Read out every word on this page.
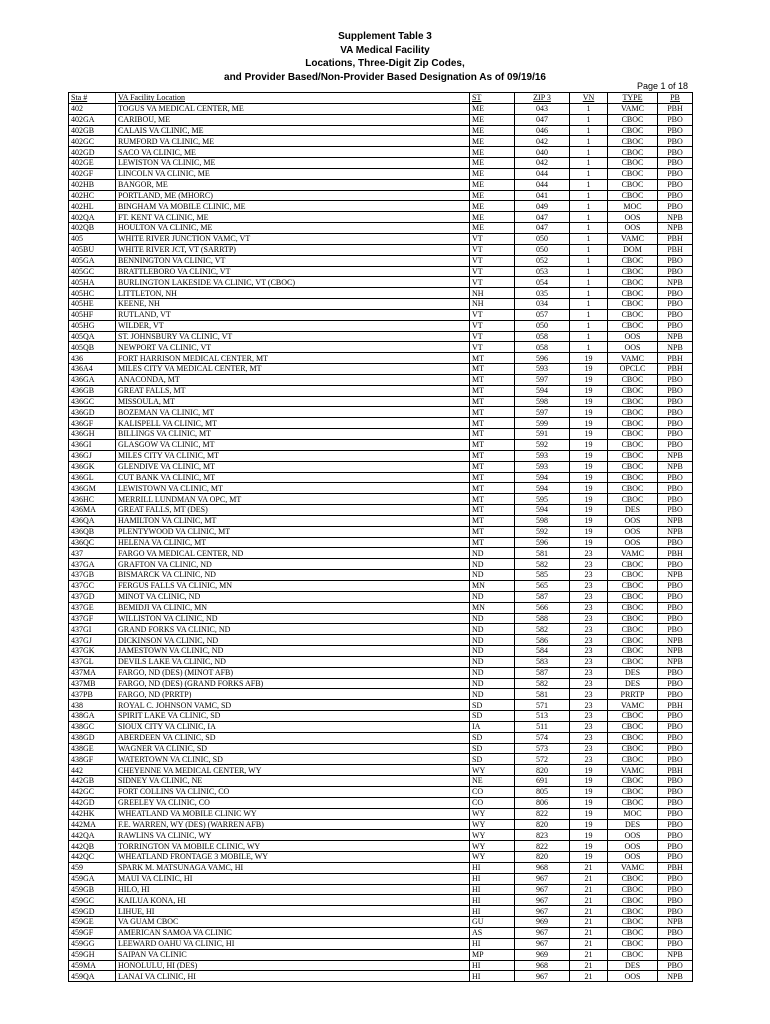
Supplement Table 3
VA Medical Facility
Locations, Three-Digit Zip Codes,
and Provider Based/Non-Provider Based Designation As of 09/19/16
Page 1 of 18
Sta #	VA Facility Location	ST	ZIP 3	VN	TYPE	PB
402	TOGUS VA MEDICAL CENTER, ME	ME	043	1	VAMC	PBH
402GA	CARIBOU, ME	ME	047	1	CBOC	PBO
402GB	CALAIS VA CLINIC, ME	ME	046	1	CBOC	PBO
402GC	RUMFORD VA CLINIC, ME	ME	042	1	CBOC	PBO
402GD	SACO VA CLINIC, ME	ME	040	1	CBOC	PBO
402GE	LEWISTON VA CLINIC, ME	ME	042	1	CBOC	PBO
402GF	LINCOLN VA CLINIC, ME	ME	044	1	CBOC	PBO
402HB	BANGOR, ME	ME	044	1	CBOC	PBO
402HC	PORTLAND, ME (MHORC)	ME	041	1	CBOC	PBO
402HL	BINGHAM VA MOBILE CLINIC, ME	ME	049	1	MOC	PBO
402QA	FT. KENT VA CLINIC, ME	ME	047	1	OOS	NPB
402QB	HOULTON VA CLINIC, ME	ME	047	1	OOS	NPB
405	WHITE RIVER JUNCTION VAMC, VT	VT	050	1	VAMC	PBH
405BU	WHITE RIVER JCT, VT (SARRTP)	VT	050	1	DOM	PBH
405GA	BENNINGTON VA CLINIC, VT	VT	052	1	CBOC	PBO
405GC	BRATTLEBORO VA CLINIC, VT	VT	053	1	CBOC	PBO
405HA	BURLINGTON LAKESIDE VA CLINIC, VT (CBOC)	VT	054	1	CBOC	NPB
405HC	LITTLETON, NH	NH	035	1	CBOC	PBO
405HE	KEENE, NH	NH	034	1	CBOC	PBO
405HF	RUTLAND, VT	VT	057	1	CBOC	PBO
405HG	WILDER, VT	VT	050	1	CBOC	PBO
405QA	ST. JOHNSBURY VA CLINIC, VT	VT	058	1	OOS	NPB
405QB	NEWPORT VA CLINIC, VT	VT	058	1	OOS	NPB
436	FORT HARRISON MEDICAL CENTER, MT	MT	596	19	VAMC	PBH
436A4	MILES CITY VA MEDICAL CENTER, MT	MT	593	19	OPCLC	PBH
436GA	ANACONDA, MT	MT	597	19	CBOC	PBO
436GB	GREAT FALLS, MT	MT	594	19	CBOC	PBO
436GC	MISSOULA, MT	MT	598	19	CBOC	PBO
436GD	BOZEMAN VA CLINIC, MT	MT	597	19	CBOC	PBO
436GF	KALISPELL VA CLINIC, MT	MT	599	19	CBOC	PBO
436GH	BILLINGS VA CLINIC, MT	MT	591	19	CBOC	PBO
436GI	GLASGOW VA CLINIC, MT	MT	592	19	CBOC	PBO
436GJ	MILES CITY VA CLINIC, MT	MT	593	19	CBOC	NPB
436GK	GLENDIVE VA CLINIC, MT	MT	593	19	CBOC	NPB
436GL	CUT BANK VA CLINIC, MT	MT	594	19	CBOC	PBO
436GM	LEWISTOWN VA CLINIC, MT	MT	594	19	CBOC	PBO
436HC	MERRILL LUNDMAN VA OPC, MT	MT	595	19	CBOC	PBO
436MA	GREAT FALLS, MT (DES)	MT	594	19	DES	PBO
436QA	HAMILTON VA CLINIC, MT	MT	598	19	OOS	NPB
436QB	PLENTYWOOD VA CLINIC, MT	MT	592	19	OOS	NPB
436QC	HELENA VA CLINIC, MT	MT	596	19	OOS	PBO
437	FARGO VA MEDICAL CENTER, ND	ND	581	23	VAMC	PBH
437GA	GRAFTON VA CLINIC, ND	ND	582	23	CBOC	PBO
437GB	BISMARCK VA CLINIC, ND	ND	585	23	CBOC	NPB
437GC	FERGUS FALLS VA CLINIC, MN	MN	565	23	CBOC	PBO
437GD	MINOT VA CLINIC, ND	ND	587	23	CBOC	PBO
437GE	BEMIDJI VA CLINIC, MN	MN	566	23	CBOC	PBO
437GF	WILLISTON VA CLINIC, ND	ND	588	23	CBOC	PBO
437GI	GRAND FORKS VA CLINIC, ND	ND	582	23	CBOC	PBO
437GJ	DICKINSON VA CLINIC, ND	ND	586	23	CBOC	NPB
437GK	JAMESTOWN VA CLINIC, ND	ND	584	23	CBOC	NPB
437GL	DEVILS LAKE VA CLINIC, ND	ND	583	23	CBOC	NPB
437MA	FARGO, ND (DES) (MINOT AFB)	ND	587	23	DES	PBO
437MB	FARGO, ND (DES) (GRAND FORKS AFB)	ND	582	23	DES	PBO
437PB	FARGO, ND (PRRTP)	ND	581	23	PRRTP	PBO
438	ROYAL C. JOHNSON VAMC, SD	SD	571	23	VAMC	PBH
438GA	SPIRIT LAKE VA CLINIC, SD	SD	513	23	CBOC	PBO
438GC	SIOUX CITY VA CLINIC, IA	IA	511	23	CBOC	PBO
438GD	ABERDEEN VA CLINIC, SD	SD	574	23	CBOC	PBO
438GE	WAGNER VA CLINIC, SD	SD	573	23	CBOC	PBO
438GF	WATERTOWN VA CLINIC, SD	SD	572	23	CBOC	PBO
442	CHEYENNE VA MEDICAL CENTER, WY	WY	820	19	VAMC	PBH
442GB	SIDNEY VA CLINIC, NE	NE	691	19	CBOC	PBO
442GC	FORT COLLINS VA CLINIC, CO	CO	805	19	CBOC	PBO
442GD	GREELEY VA CLINIC, CO	CO	806	19	CBOC	PBO
442HK	WHEATLAND VA MOBILE CLINIC WY	WY	822	19	MOC	PBO
442MA	F.E. WARREN, WY (DES) (WARREN AFB)	WY	820	19	DES	PBO
442QA	RAWLINS VA CLINIC, WY	WY	823	19	OOS	PBO
442QB	TORRINGTON VA MOBILE CLINIC, WY	WY	822	19	OOS	PBO
442QC	WHEATLAND FRONTAGE 3 MOBILE, WY	WY	820	19	OOS	PBO
459	SPARK M. MATSUNAGA VAMC, HI	HI	968	21	VAMC	PBH
459GA	MAUI VA CLINIC, HI	HI	967	21	CBOC	PBO
459GB	HILO, HI	HI	967	21	CBOC	PBO
459GC	KAILUA KONA, HI	HI	967	21	CBOC	PBO
459GD	LIHUE, HI	HI	967	21	CBOC	PBO
459GE	VA GUAM CBOC	GU	969	21	CBOC	NPB
459GF	AMERICAN SAMOA VA CLINIC	AS	967	21	CBOC	PBO
459GG	LEEWARD OAHU VA CLINIC, HI	HI	967	21	CBOC	PBO
459GH	SAIPAN VA CLINIC	MP	969	21	CBOC	NPB
459MA	HONOLULU, HI (DES)	HI	968	21	DES	PBO
459QA	LANAI VA CLINIC, HI	HI	967	21	OOS	NPB
